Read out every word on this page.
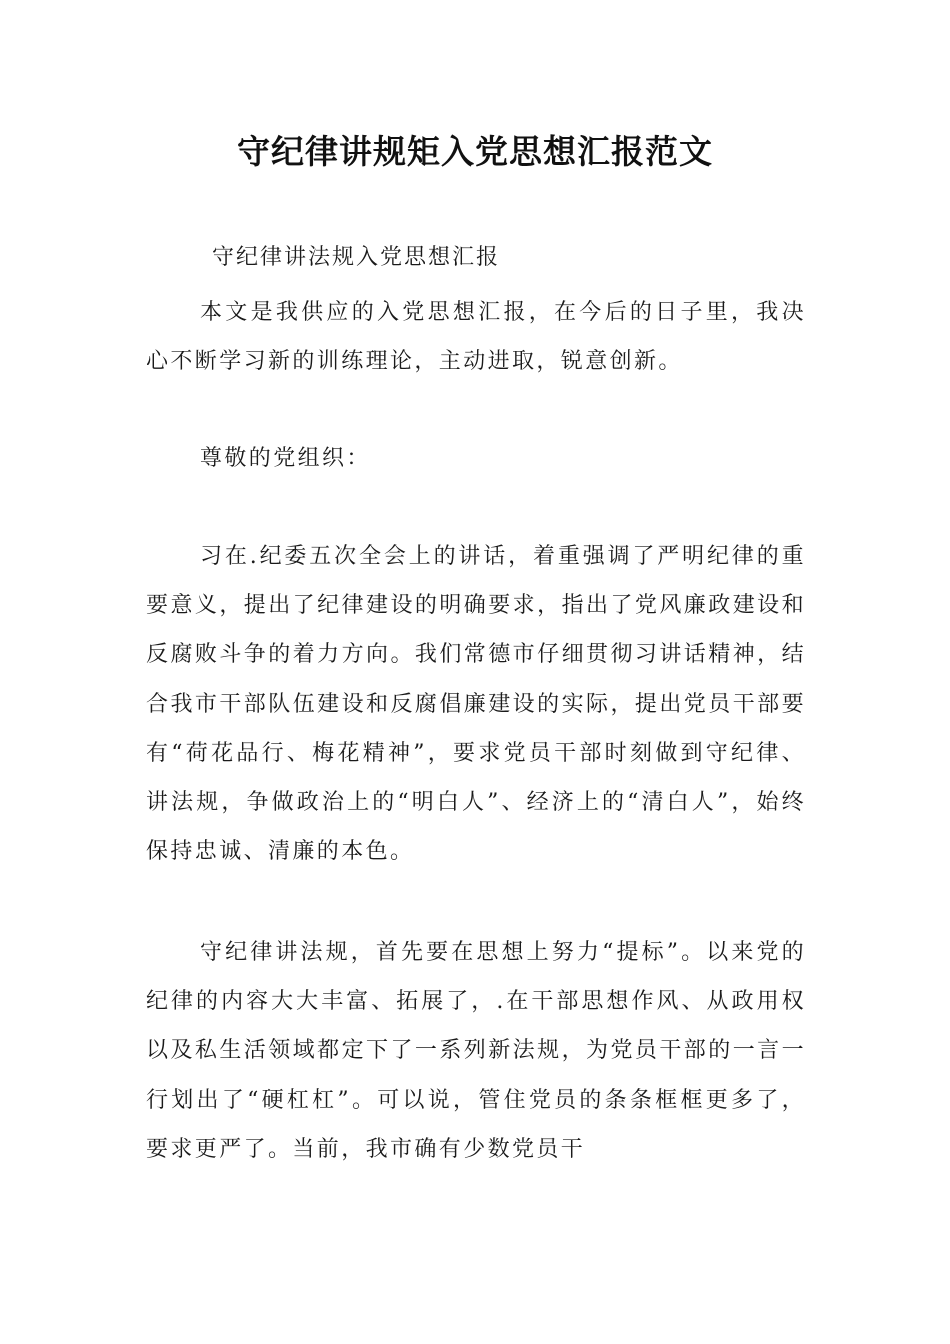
守纪律讲规矩入党思想汇报范文
守纪律讲法规入党思想汇报

本文是我供应的入党思想汇报，在今后的日子里，我决心不断学习新的训练理论，主动进取，锐意创新。

尊敬的党组织：

习在.纪委五次全会上的讲话，着重强调了严明纪律的重要意义，提出了纪律建设的明确要求，指出了党风廉政建设和反腐败斗争的着力方向。我们常德市仔细贯彻习讲话精神，结合我市干部队伍建设和反腐倡廉建设的实际，提出党员干部要有“荷花品行、梅花精神”，要求党员干部时刻做到守纪律、讲法规，争做政治上的“明白人”、经济上的“清白人”，始终保持忠诚、清廉的本色。

守纪律讲法规，首先要在思想上努力“提标”。以来党的纪律的内容大大丰富、拓展了，.在干部思想作风、从政用权以及私生活领域都定下了一系列新法规，为党员干部的一言一行划出了“硬杠杠”。可以说，管住党员的条条框框更多了，要求更严了。当前，我市确有少数党员干
